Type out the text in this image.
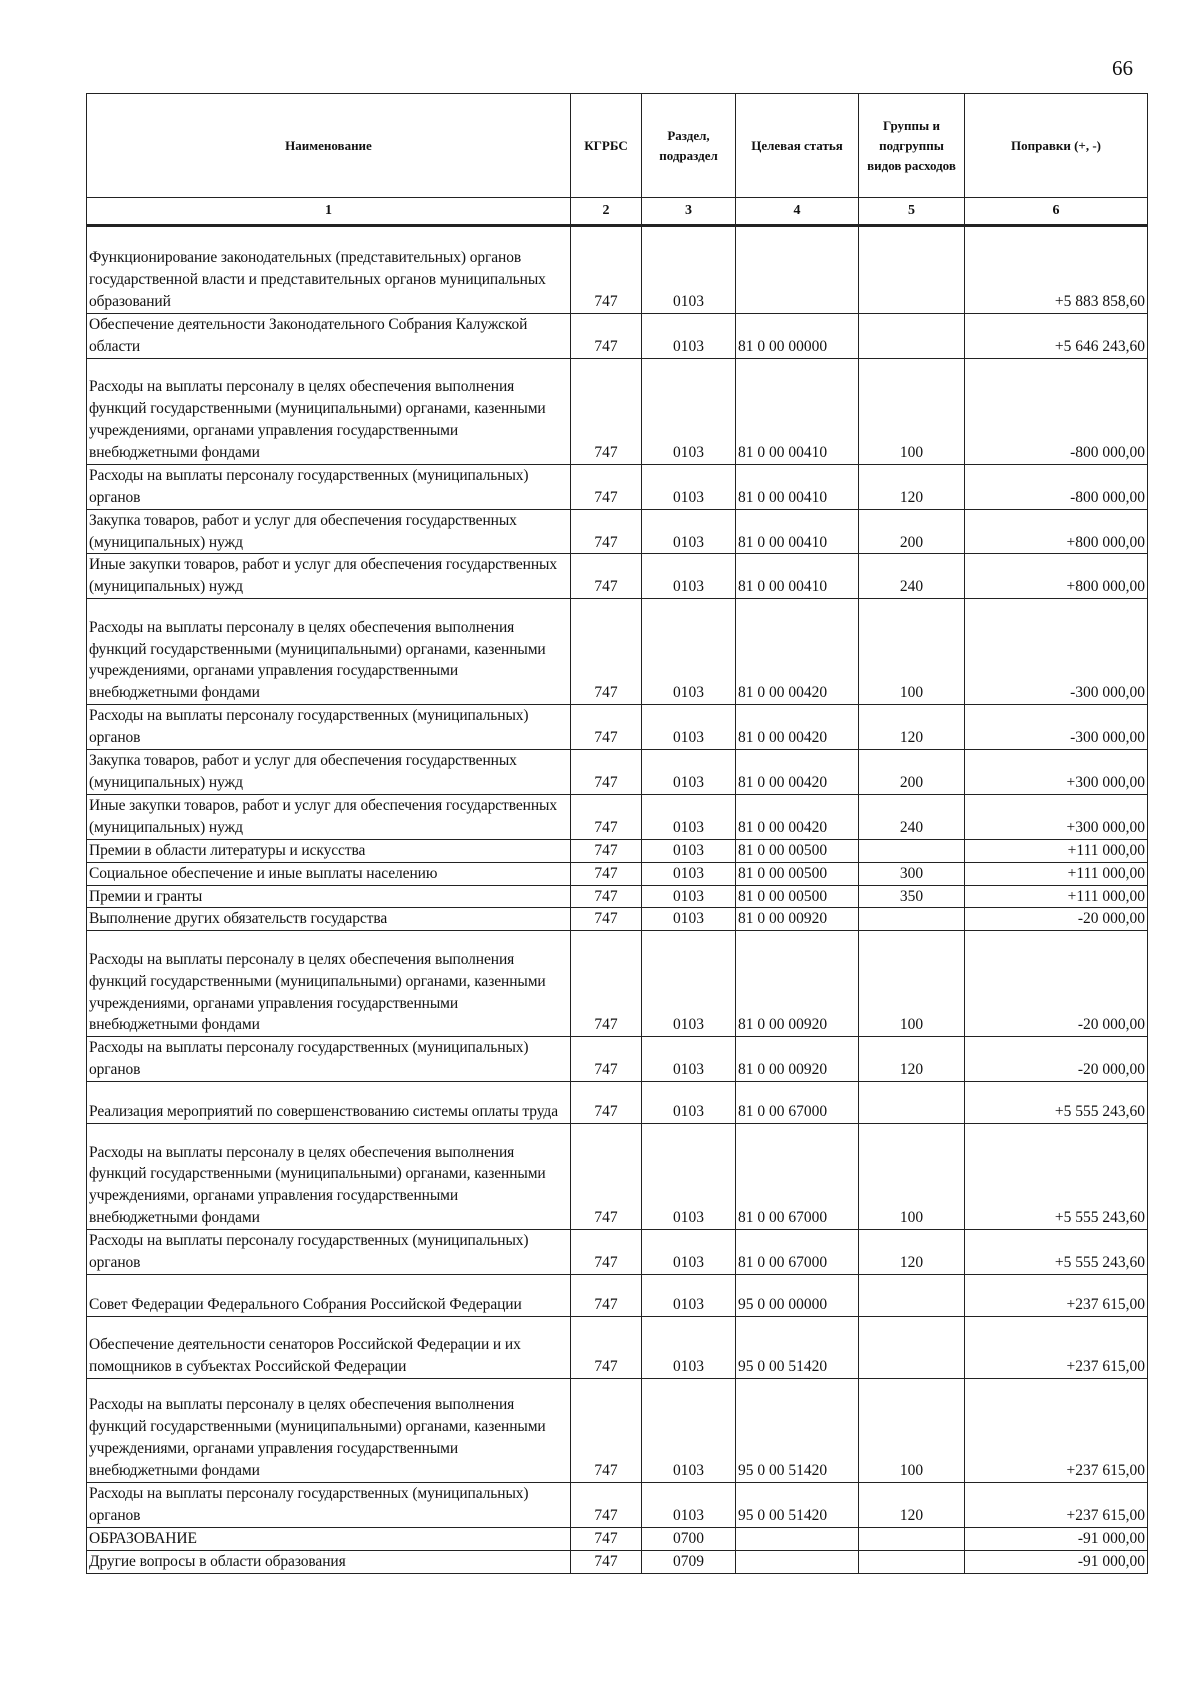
66
Наименование	КГРБС	Раздел, подраздел	Целевая статья	Группы и подгруппы видов расходов	Поправки (+, -)
1	2	3	4	5	6
Функционирование законодательных (представительных) органов государственной власти и представительных органов муниципальных образований	747	0103			+5 883 858,60
Обеспечение деятельности Законодательного Собрания Калужской области	747	0103	81 0 00 00000		+5 646 243,60
Расходы на выплаты персоналу в целях обеспечения выполнения функций государственными (муниципальными) органами, казенными учреждениями, органами управления государственными внебюджетными фондами	747	0103	81 0 00 00410	100	-800 000,00
Расходы на выплаты персоналу государственных (муниципальных) органов	747	0103	81 0 00 00410	120	-800 000,00
Закупка товаров, работ и услуг для обеспечения государственных (муниципальных) нужд	747	0103	81 0 00 00410	200	+800 000,00
Иные закупки товаров, работ и услуг для обеспечения государственных (муниципальных) нужд	747	0103	81 0 00 00410	240	+800 000,00
Расходы на выплаты персоналу в целях обеспечения выполнения функций государственными (муниципальными) органами, казенными учреждениями, органами управления государственными внебюджетными фондами	747	0103	81 0 00 00420	100	-300 000,00
Расходы на выплаты персоналу государственных (муниципальных) органов	747	0103	81 0 00 00420	120	-300 000,00
Закупка товаров, работ и услуг для обеспечения государственных (муниципальных) нужд	747	0103	81 0 00 00420	200	+300 000,00
Иные закупки товаров, работ и услуг для обеспечения государственных (муниципальных) нужд	747	0103	81 0 00 00420	240	+300 000,00
Премии в области литературы и искусства	747	0103	81 0 00 00500		+111 000,00
Социальное обеспечение и иные выплаты населению	747	0103	81 0 00 00500	300	+111 000,00
Премии и гранты	747	0103	81 0 00 00500	350	+111 000,00
Выполнение других обязательств государства	747	0103	81 0 00 00920		-20 000,00
Расходы на выплаты персоналу в целях обеспечения выполнения функций государственными (муниципальными) органами, казенными учреждениями, органами управления государственными внебюджетными фондами	747	0103	81 0 00 00920	100	-20 000,00
Расходы на выплаты персоналу государственных (муниципальных) органов	747	0103	81 0 00 00920	120	-20 000,00
Реализация мероприятий по совершенствованию системы оплаты труда	747	0103	81 0 00 67000		+5 555 243,60
Расходы на выплаты персоналу в целях обеспечения выполнения функций государственными (муниципальными) органами, казенными учреждениями, органами управления государственными внебюджетными фондами	747	0103	81 0 00 67000	100	+5 555 243,60
Расходы на выплаты персоналу государственных (муниципальных) органов	747	0103	81 0 00 67000	120	+5 555 243,60
Совет Федерации Федерального Собрания Российской Федерации	747	0103	95 0 00 00000		+237 615,00
Обеспечение деятельности сенаторов Российской Федерации и их помощников в субъектах Российской Федерации	747	0103	95 0 00 51420		+237 615,00
Расходы на выплаты персоналу в целях обеспечения выполнения функций государственными (муниципальными) органами, казенными учреждениями, органами управления государственными внебюджетными фондами	747	0103	95 0 00 51420	100	+237 615,00
Расходы на выплаты персоналу государственных (муниципальных) органов	747	0103	95 0 00 51420	120	+237 615,00
ОБРАЗОВАНИЕ	747	0700			-91 000,00
Другие вопросы в области образования	747	0709			-91 000,00
